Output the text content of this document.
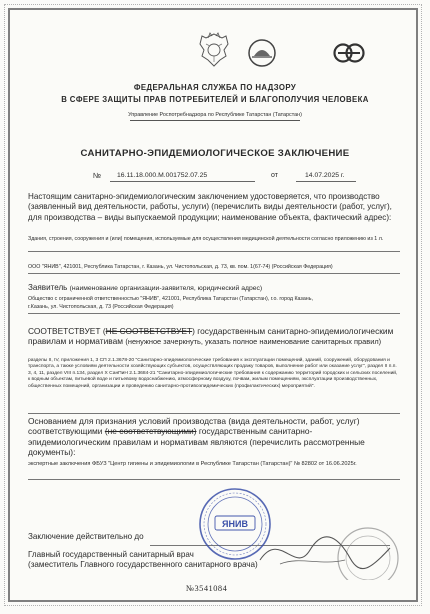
ФЕДЕРАЛЬНАЯ СЛУЖБА ПО НАДЗОРУ
В СФЕРЕ ЗАЩИТЫ ПРАВ ПОТРЕБИТЕЛЕЙ И БЛАГОПОЛУЧИЯ ЧЕЛОВЕКА
Управление Роспотребнадзора по Республике Татарстан (Татарстан)
САНИТАРНО-ЭПИДЕМИОЛОГИЧЕСКОЕ ЗАКЛЮЧЕНИЕ
№ 16.11.18.000.М.001752.07.25	от	14.07.2025 г.
Настоящим санитарно-эпидемиологическим заключением удостоверяется, что производство (заявленный вид деятельности, работы, услуги) (перечислить виды деятельности (работ, услуг), для производства – виды выпускаемой продукции; наименование объекта, фактический адрес):
Здания, строения, сооружения и (или) помещения, используемые для осуществления медицинской деятельности согласно приложению из 1 л.
ООО "ЯНИВ", 421001, Республика Татарстан, г. Казань, ул. Чистопольская, д. 73, кв. пом. 1(67-74) (Российская Федерация)
Заявитель (наименование организации-заявителя, юридический адрес)
Общество с ограниченной ответственностью "ЯНИВ", 421001, Республика Татарстан (Татарстан), г.о. город Казань,
г.Казань, ул. Чистопольская, д. 73 (Российская Федерация)
СООТВЕТСТВУЕТ (НЕ СООТВЕТСТВУЕТ) государственным санитарно-эпидемиологическим правилам и нормативам (ненужное зачеркнуть, указать полное наименование санитарных правил)
разделы II, IV, приложения 1, 3 СП 2.1.3678-20 "Санитарно-эпидемиологические требования к эксплуатации помещений, зданий, сооружений, оборудования и транспорта, а также условиям деятельности хозяйствующих субъектов, осуществляющих продажу товаров, выполнение работ или оказание услуг", раздел II п.п. 3, 4, 11, раздел VIII п.134, раздел X СанПиН 2.1.3684-21 "Санитарно-эпидемиологические требования к содержанию территорий городских и сельских поселений, к водным объектам, питьевой воде и питьевому водоснабжению, атмосферному воздуху, почвам, жилым помещениям, эксплуатации производственных, общественных помещений, организации и проведению санитарно-противоэпидемических (профилактических) мероприятий".
Основанием для признания условий производства (вида деятельности, работ, услуг) соответствующими (не соответствующими) государственным санитарно-эпидемиологическим правилам и нормативам являются (перечислить рассмотренные документы):
экспертные заключения ФБУЗ "Центр гигиены и эпидемиологии в Республике Татарстан (Татарстан)" № 82802 от 16.06.2025г.
Заключение действительно до
Главный государственный санитарный врач
(заместитель Главного государственного санитарного врача)
ЯНИВ
№3541084
